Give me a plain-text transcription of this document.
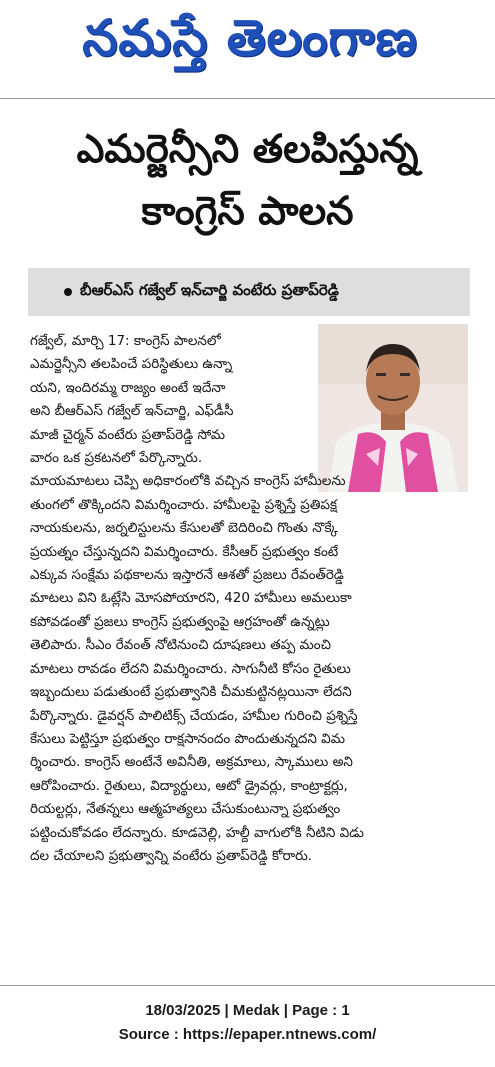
నమస్తే తెలంగాణ
ఎమర్జెన్సీని తలపిస్తున్న
కాంగ్రెస్ పాలన
బీఆర్ఎస్ గజ్వేల్ ఇన్‌చార్జి వంటేరు ప్రతాప్‌రెడ్డి
గజ్వేల్, మార్చి 17: కాంగ్రెస్ పాలనలో
ఎమర్జెన్సీని తలపించే పరిస్థితులు ఉన్నా
యని, ఇందిరమ్మ రాజ్యం అంటే ఇదేనా
అని బీఆర్ఎస్ గజ్వేల్ ఇన్‌చార్జి, ఎఫ్‌డీసీ
మాజీ చైర్మన్ వంటేరు ప్రతాప్‌రెడ్డి సోమ
వారం ఒక ప్రకటనలో పేర్కొన్నారు.
మాయమాటలు చెప్పి అధికారంలోకి వచ్చిన కాంగ్రెస్ హామీలను
తుంగలో తొక్కిందని విమర్శించారు. హామీలపై ప్రశ్నిస్తే ప్రతిపక్ష
నాయకులను, జర్నలిస్టులను కేసులతో బెదిరించి గొంతు నొక్కే
ప్రయత్నం చేస్తున్నదని విమర్శించారు. కేసీఆర్ ప్రభుత్వం కంటే
ఎక్కువ సంక్షేమ పథకాలను ఇస్తారనే ఆశతో ప్రజలు రేవంత్‌రెడ్డి
మాటలు విని ఓట్లేసి మోసపోయారని, 420 హామీలు అమలుకా
కపోవడంతో ప్రజలు కాంగ్రెస్ ప్రభుత్వంపై ఆగ్రహంతో ఉన్నట్లు
తెలిపారు. సీఎం రేవంత్ నోటినుంచి దూషణలు తప్ప మంచి
మాటలు రావడం లేదని విమర్శించారు. సాగునీటి కోసం రైతులు
ఇబ్బందులు పడుతుంటే ప్రభుత్వానికి చీమకుట్టినట్లయినా లేదని
పేర్కొన్నారు. డైవర్షన్ పాలిటిక్స్ చేయడం, హామీల గురించి ప్రశ్నిస్తే
కేసులు పెట్టిస్తూ ప్రభుత్వం రాక్షసానందం పొందుతున్నదని విమ
ర్శించారు. కాంగ్రెస్ అంటేనే అవినీతి, అక్రమాలు, స్కాములు అని
ఆరోపించారు. రైతులు, విద్యార్థులు, ఆటో డ్రైవర్లు, కాంట్రాక్టర్లు,
రియల్టర్లు, నేతన్నలు ఆత్మహత్యలు చేసుకుంటున్నా ప్రభుత్వం
పట్టించుకోవడం లేదన్నారు. కూడవెల్లి, హల్దీ వాగులోకి నీటిని విడు
దల చేయాలని ప్రభుత్వాన్ని వంటేరు ప్రతాప్‌రెడ్డి కోరారు.
18/03/2025 | Medak | Page : 1
Source : https://epaper.ntnews.com/
